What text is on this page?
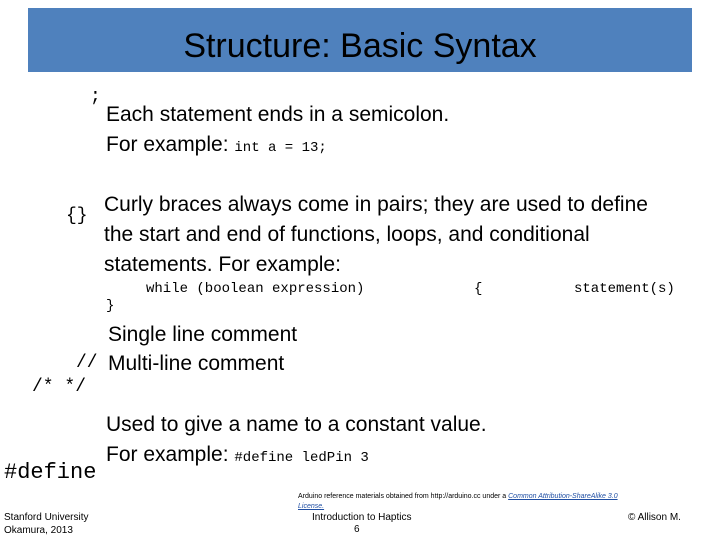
Structure: Basic Syntax
;
Each statement ends in a semicolon.
For example: int a = 13;
{} Curly braces always come in pairs; they are used to define
the start and end of functions, loops, and conditional
statements. For example:
while (boolean expression)	{	statement(s)
}
Single line comment
// Multi-line comment
/* */
Used to give a name to a constant value.
For example: #define ledPin 3
#define
Stanford University
Okamura, 2013
Arduino reference materials obtained from http://arduino.cc under a Common Attribution-ShareAlike 3.0
License.
Introduction to Haptics
6
© Allison M.
